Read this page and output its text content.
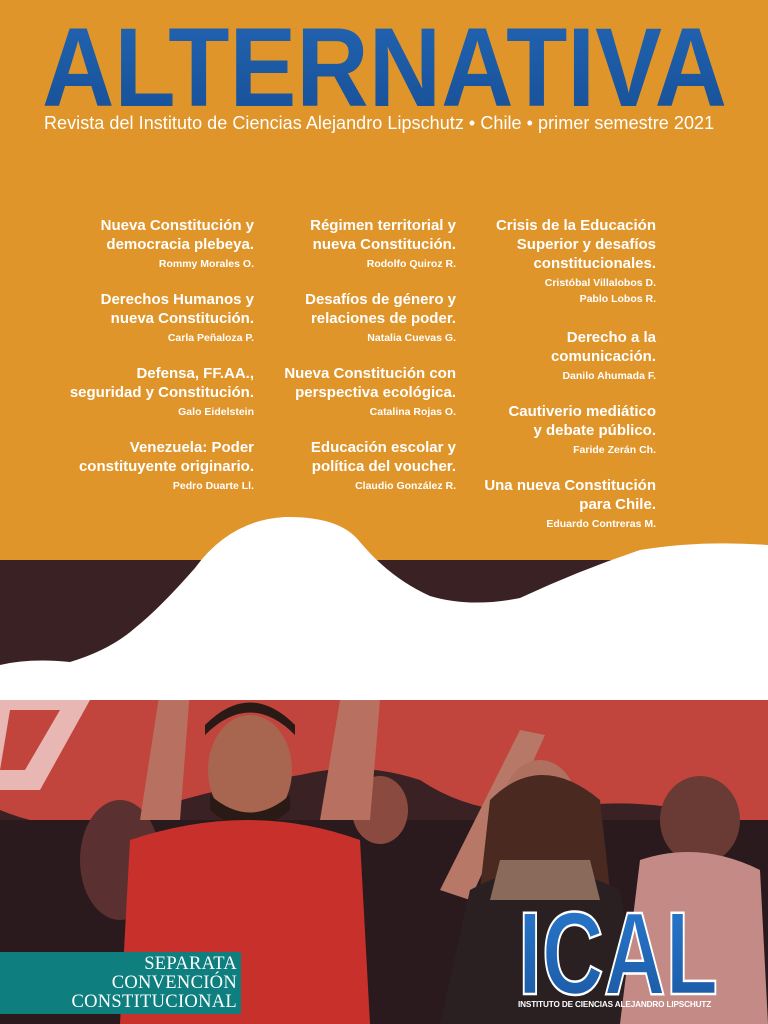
ALTERNATIVA
Revista del Instituto de Ciencias Alejandro Lipschutz • Chile • primer semestre 2021
Nueva Constitución y
democracia plebeya.
Rommy Morales O.
Derechos Humanos y
nueva Constitución.
Carla Peñaloza P.
Defensa, FF.AA.,
seguridad y Constitución.
Galo Eidelstein
Venezuela: Poder
constituyente originario.
Pedro Duarte Ll.
Régimen territorial y
nueva Constitución.
Rodolfo Quiroz R.
Desafíos de género y
relaciones de poder.
Natalia Cuevas G.
Nueva Constitución con
perspectiva ecológica.
Catalina Rojas O.
Educación escolar y
política del voucher.
Claudio González R.
Crisis de la Educación
Superior y desafíos
constitucionales.
Cristóbal Villalobos D.
Pablo Lobos R.
Derecho a la
comunicación.
Danilo Ahumada F.
Cautiverio mediático
y debate público.
Faride Zerán Ch.
Una nueva Constitución
para Chile.
Eduardo Contreras M.
SEPARATA
CONVENCIÓN
CONSTITUCIONAL ICAL
INSTITUTO DE CIENCIAS ALEJANDRO LIPSCHUTZ
